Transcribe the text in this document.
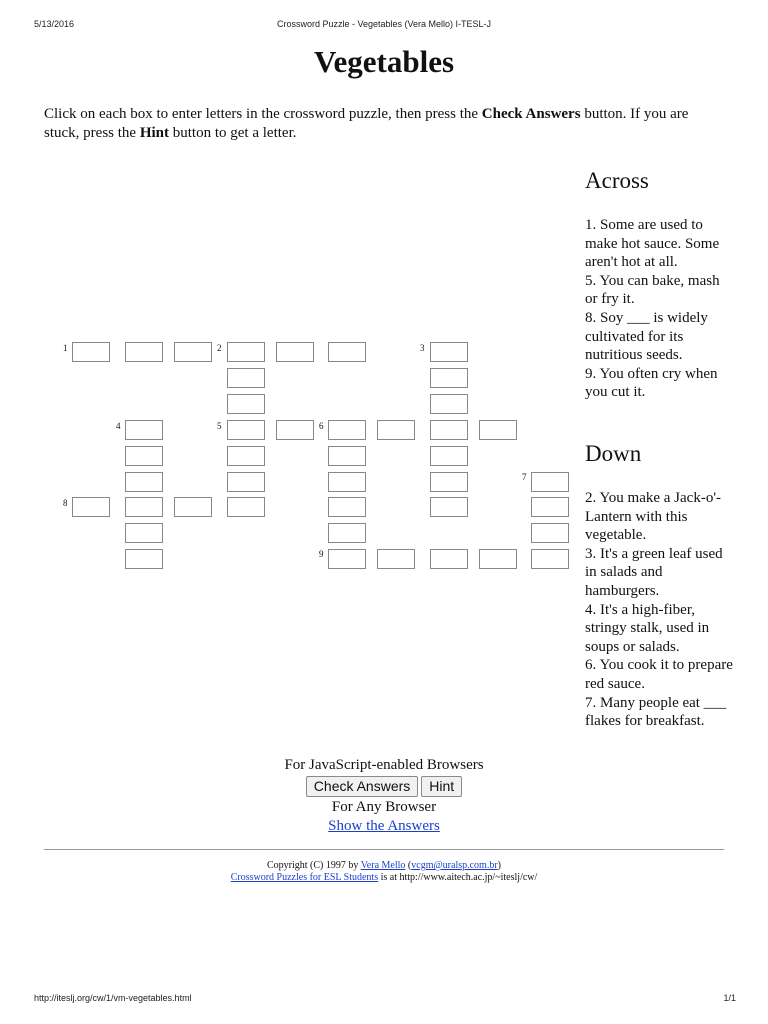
5/13/2016	Crossword Puzzle - Vegetables (Vera Mello) I-TESL-J
Vegetables

Click on each box to enter letters in the crossword puzzle, then press the Check Answers button. If you are stuck, press the Hint button to get a letter.

1	2	3
4	5	6
7
8
9
Across
1. Some are used to make hot sauce. Some aren't hot at all.
5. You can bake, mash or fry it.
8. Soy ___ is widely cultivated for its nutritious seeds.
9. You often cry when you cut it.
Down
2. You make a Jack-o'-Lantern with this vegetable.
3. It's a green leaf used in salads and hamburgers.
4. It's a high-fiber, stringy stalk, used in soups or salads.
6. You cook it to prepare red sauce.
7. Many people eat ___ flakes for breakfast.
For JavaScript-enabled Browsers
Check Answers	Hint
For Any Browser
Show the Answers
Copyright (C) 1997 by Vera Mello (vcgm@uralsp.com.br)
Crossword Puzzles for ESL Students is at http://www.aitech.ac.jp/~iteslj/cw/
http://iteslj.org/cw/1/vm-vegetables.html	1/1
